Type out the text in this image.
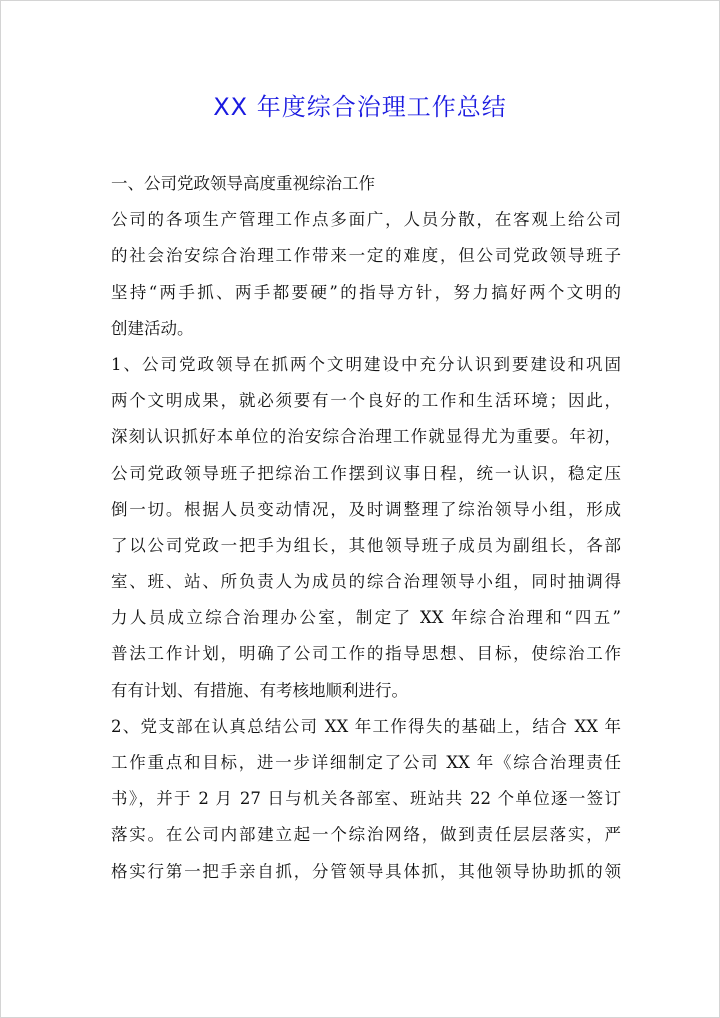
XX 年度综合治理工作总结
一、公司党政领导高度重视综治工作
公司的各项生产管理工作点多面广，人员分散，在客观上给公司
的社会治安综合治理工作带来一定的难度，但公司党政领导班子
坚持“两手抓、两手都要硬”的指导方针，努力搞好两个文明的
创建活动。
1、公司党政领导在抓两个文明建设中充分认识到要建设和巩固
两个文明成果，就必须要有一个良好的工作和生活环境；因此，
深刻认识抓好本单位的治安综合治理工作就显得尤为重要。年初，
公司党政领导班子把综治工作摆到议事日程，统一认识，稳定压
倒一切。根据人员变动情况，及时调整理了综治领导小组，形成
了以公司党政一把手为组长，其他领导班子成员为副组长，各部
室、班、站、所负责人为成员的综合治理领导小组，同时抽调得
力人员成立综合治理办公室，制定了 XX 年综合治理和“四五”
普法工作计划，明确了公司工作的指导思想、目标，使综治工作
有有计划、有措施、有考核地顺利进行。
2、党支部在认真总结公司 XX 年工作得失的基础上，结合 XX 年
工作重点和目标，进一步详细制定了公司 XX 年《综合治理责任
书》，并于 2 月 27 日与机关各部室、班站共 22 个单位逐一签订
落实。在公司内部建立起一个综治网络，做到责任层层落实，严
格实行第一把手亲自抓，分管领导具体抓，其他领导协助抓的领
